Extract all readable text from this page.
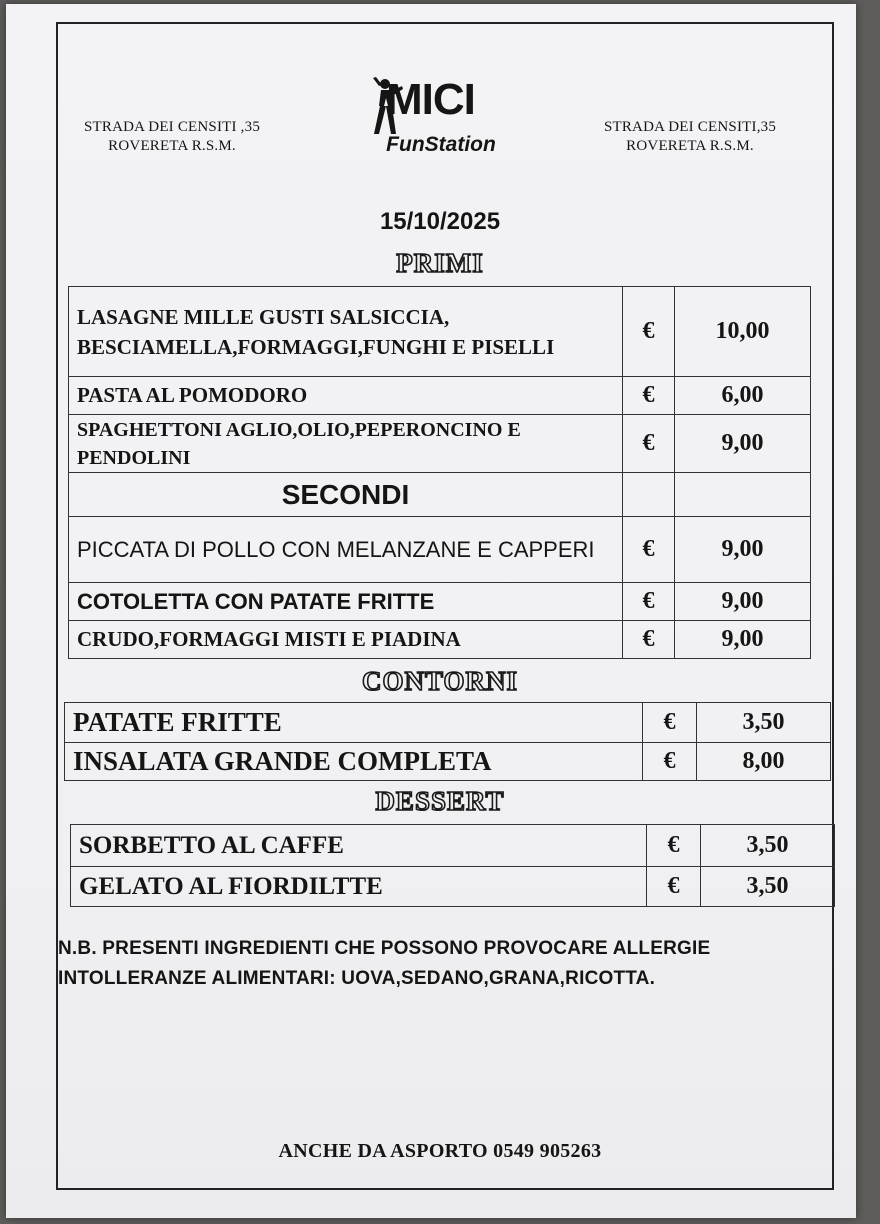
STRADA DEI CENSITI ,35
ROVERETA R.S.M.
MICI
FunStation
STRADA DEI CENSITI,35
ROVERETA R.S.M.
15/10/2025
PRIMI
LASAGNE MILLE GUSTI SALSICCIA, BESCIAMELLA,FORMAGGI,FUNGHI E PISELLI	€	10,00
PASTA AL POMODORO	€	6,00
SPAGHETTONI AGLIO,OLIO,PEPERONCINO E PENDOLINI	€	9,00
SECONDI		
PICCATA DI POLLO CON MELANZANE E CAPPERI	€	9,00
COTOLETTA CON PATATE FRITTE	€	9,00
CRUDO,FORMAGGI MISTI E PIADINA	€	9,00
CONTORNI
PATATE FRITTE	€	3,50
INSALATA GRANDE COMPLETA	€	8,00
DESSERT
SORBETTO AL CAFFE	€	3,50
GELATO AL FIORDILTTE	€	3,50
N.B. PRESENTI INGREDIENTI CHE POSSONO PROVOCARE ALLERGIE
INTOLLERANZE ALIMENTARI: UOVA,SEDANO,GRANA,RICOTTA.
ANCHE DA ASPORTO 0549 905263
